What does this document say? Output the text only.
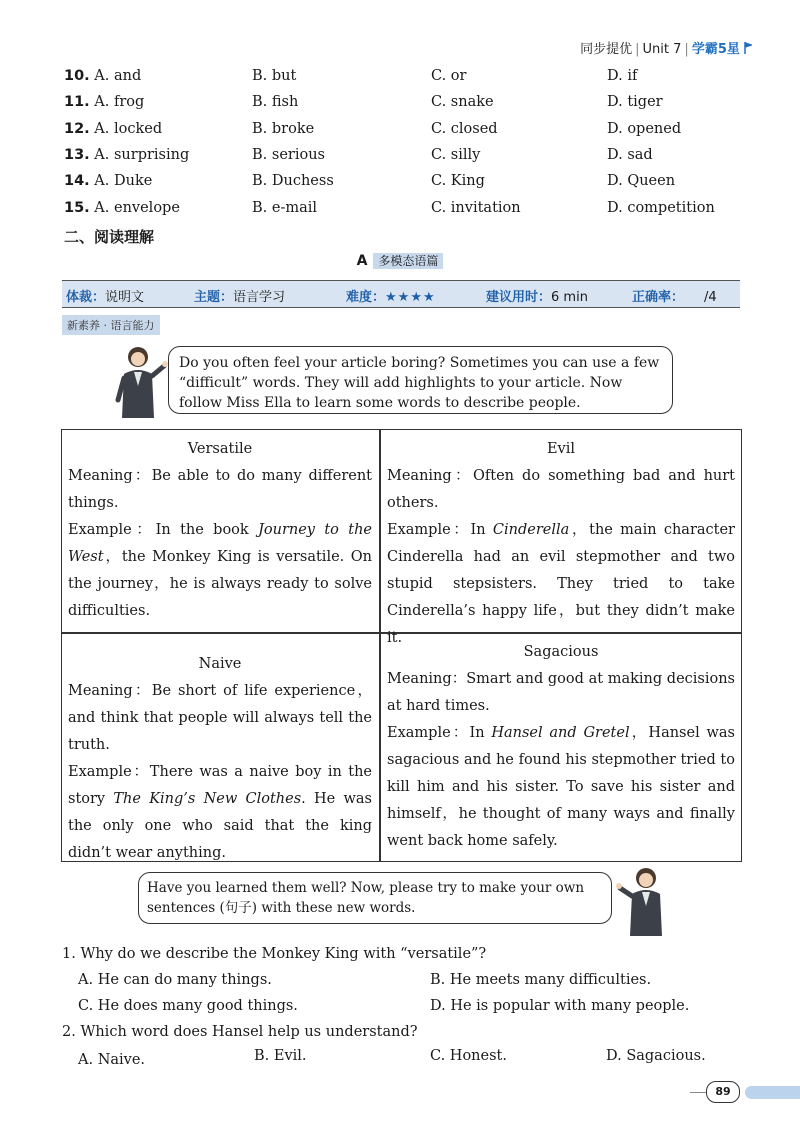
同步提优 | Unit 7 | 学霸5星
10. A. and	B. but	C. or	D. if
11. A. frog	B. fish	C. snake	D. tiger
12. A. locked	B. broke	C. closed	D. opened
13. A. surprising	B. serious	C. silly	D. sad
14. A. Duke	B. Duchess	C. King	D. Queen
15. A. envelope	B. e-mail	C. invitation	D. competition
二、阅读理解
A 多模态语篇
体裁：说明文	主题：语言学习	难度：★★★★	建议用时：6 min	正确率： /4
新素养 · 语言能力
Do you often feel your article boring? Sometimes you can use a few “difficult” words. They will add highlights to your article. Now follow Miss Ella to learn some words to describe people.
Versatile
Meaning：Be able to do many different things.
Example：In the book Journey to the West，the Monkey King is versatile. On the journey，he is always ready to solve difficulties.
Evil
Meaning：Often do something bad and hurt others.
Example：In Cinderella，the main character Cinderella had an evil stepmother and two stupid stepsisters. They tried to take Cinderella’s happy life，but they didn’t make it.
Naive
Meaning：Be short of life experience，and think that people will always tell the truth.
Example：There was a naive boy in the story The King’s New Clothes. He was the only one who said that the king didn’t wear anything.
Sagacious
Meaning：Smart and good at making decisions at hard times.
Example：In Hansel and Gretel，Hansel was sagacious and he found his stepmother tried to kill him and his sister. To save his sister and himself，he thought of many ways and finally went back home safely.
Have you learned them well? Now, please try to make your own sentences (句子) with these new words.
1. Why do we describe the Monkey King with “versatile”?
A. He can do many things.	B. He meets many difficulties.
C. He does many good things.	D. He is popular with many people.
2. Which word does Hansel help us understand?
A. Naive.	B. Evil.	C. Honest.	D. Sagacious.
89
